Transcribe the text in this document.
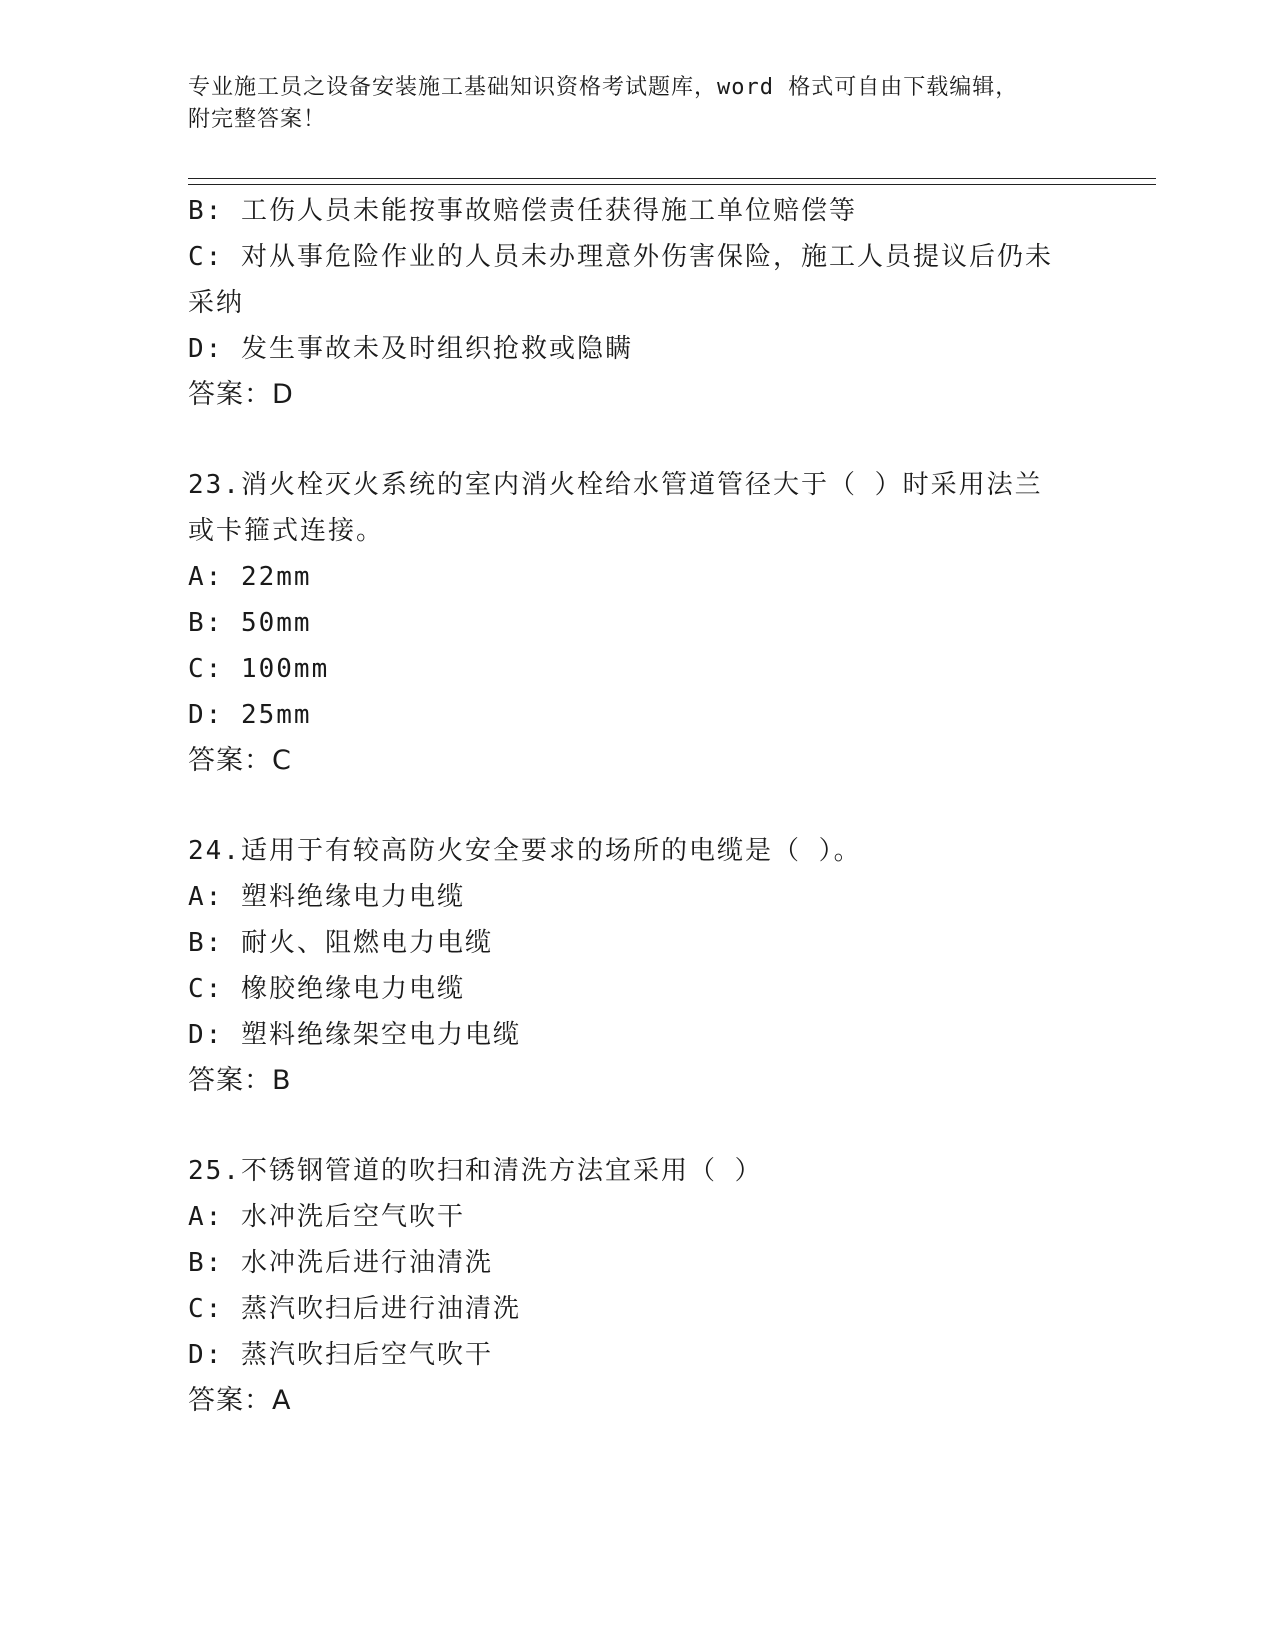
专业施工员之设备安装施工基础知识资格考试题库，word 格式可自由下载编辑，
附完整答案！
B: 工伤人员未能按事故赔偿责任获得施工单位赔偿等
C: 对从事危险作业的人员未办理意外伤害保险，施工人员提议后仍未
采纳
D: 发生事故未及时组织抢救或隐瞒
答案：D
23.消火栓灭火系统的室内消火栓给水管道管径大于（ ）时采用法兰
或卡箍式连接。
A: 22mm
B: 50mm
C: 100mm
D: 25mm
答案：C
24.适用于有较高防火安全要求的场所的电缆是（ ）。
A: 塑料绝缘电力电缆
B: 耐火、阻燃电力电缆
C: 橡胶绝缘电力电缆
D: 塑料绝缘架空电力电缆
答案：B
25.不锈钢管道的吹扫和清洗方法宜采用（ ）
A: 水冲洗后空气吹干
B: 水冲洗后进行油清洗
C: 蒸汽吹扫后进行油清洗
D: 蒸汽吹扫后空气吹干
答案：A
